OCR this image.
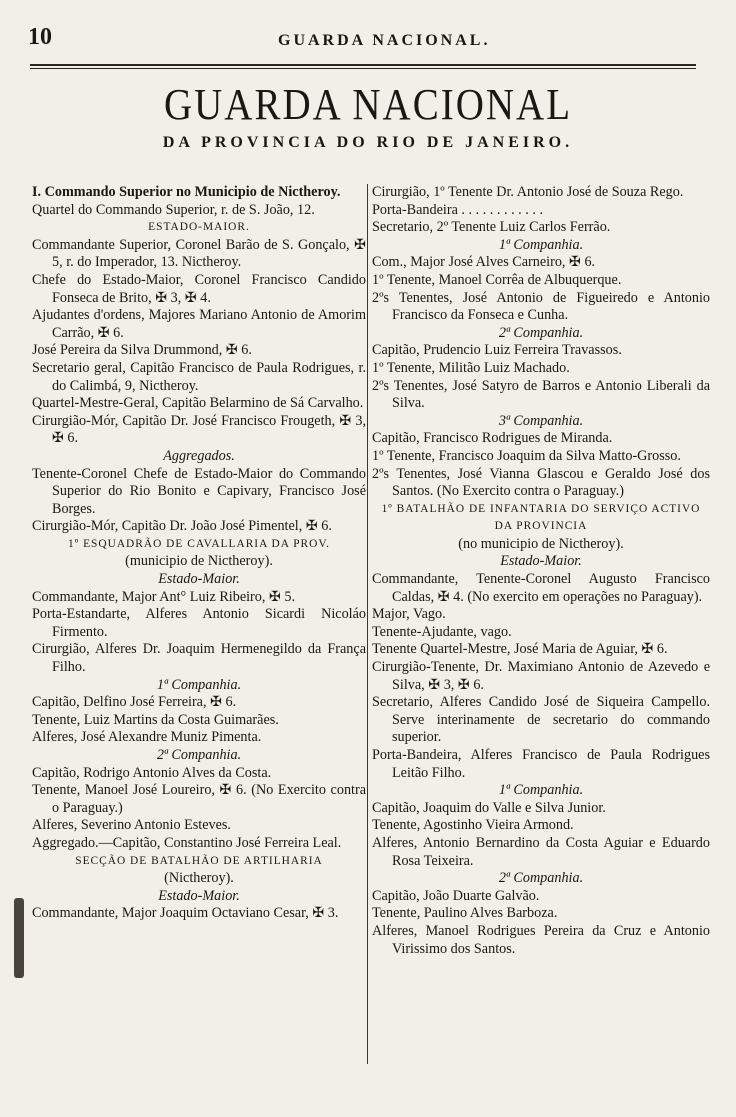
10	GUARDA NACIONAL.
GUARDA NACIONAL
DA PROVINCIA DO RIO DE JANEIRO.

I. Commando Superior no Municipio de Nictheroy.

Quartel do Commando Superior, r. de S. João, 12.

ESTADO-MAIOR.

Commandante Superior, Coronel Barão de S. Gonçalo, ✠ 5, r. do Imperador, 13. Nictheroy.

Chefe do Estado-Maior, Coronel Francisco Candido Fonseca de Brito, ✠ 3, ✠ 4.

Ajudantes d'ordens, Majores Mariano Antonio de Amorim Carrão, ✠ 6.

José Pereira da Silva Drummond, ✠ 6.

Secretario geral, Capitão Francisco de Paula Rodrigues, r. do Calimbá, 9, Nictheroy.

Quartel-Mestre-Geral, Capitão Belarmino de Sá Carvalho.

Cirurgião-Mór, Capitão Dr. José Francisco Frougeth, ✠ 3, ✠ 6.

Aggregados.

Tenente-Coronel Chefe de Estado-Maior do Commando Superior do Rio Bonito e Capivary, Francisco José Borges.

Cirurgião-Mór, Capitão Dr. João José Pimentel, ✠ 6.

1º ESQUADRÃO DE CAVALLARIA DA PROV.

(municipio de Nictheroy).

Estado-Maior.

Commandante, Major Ant° Luiz Ribeiro, ✠ 5.

Porta-Estandarte, Alferes Antonio Sicardi Nicoláo Firmento.

Cirurgião, Alferes Dr. Joaquim Hermenegildo da França Filho.

1ª Companhia.

Capitão, Delfino José Ferreira, ✠ 6.

Tenente, Luiz Martins da Costa Guimarães.

Alferes, José Alexandre Muniz Pimenta.

2ª Companhia.

Capitão, Rodrigo Antonio Alves da Costa.

Tenente, Manoel José Loureiro, ✠ 6. (No Exercito contra o Paraguay.)

Alferes, Severino Antonio Esteves.

Aggregado.—Capitão, Constantino José Ferreira Leal.

SECÇÃO DE BATALHÃO DE ARTILHARIA

(Nictheroy).

Estado-Maior.

Commandante, Major Joaquim Octaviano Cesar, ✠ 3.

Cirurgião, 1º Tenente Dr. Antonio José de Souza Rego.

Porta-Bandeira . . . . . . . . . . . .

Secretario, 2º Tenente Luiz Carlos Ferrão.

1ª Companhia.

Com., Major José Alves Carneiro, ✠ 6.

1º Tenente, Manoel Corrêa de Albuquerque.

2ºs Tenentes, José Antonio de Figueiredo e Antonio Francisco da Fonseca e Cunha.

2ª Companhia.

Capitão, Prudencio Luiz Ferreira Travassos.

1º Tenente, Militão Luiz Machado.

2ºs Tenentes, José Satyro de Barros e Antonio Liberali da Silva.

3ª Companhia.

Capitão, Francisco Rodrigues de Miranda.

1º Tenente, Francisco Joaquim da Silva Matto-Grosso.

2ºs Tenentes, José Vianna Glascou e Geraldo José dos Santos. (No Exercito contra o Paraguay.)

1º BATALHÃO DE INFANTARIA DO SERVIÇO ACTIVO DA PROVINCIA

(no municipio de Nictheroy).

Estado-Maior.

Commandante, Tenente-Coronel Augusto Francisco Caldas, ✠ 4. (No exercito em operações no Paraguay).

Major, Vago.

Tenente-Ajudante, vago.

Tenente Quartel-Mestre, José Maria de Aguiar, ✠ 6.

Cirurgião-Tenente, Dr. Maximiano Antonio de Azevedo e Silva, ✠ 3, ✠ 6.

Secretario, Alferes Candido José de Siqueira Campello. Serve interinamente de secretario do commando superior.

Porta-Bandeira, Alferes Francisco de Paula Rodrigues Leitão Filho.

1ª Companhia.

Capitão, Joaquim do Valle e Silva Junior.

Tenente, Agostinho Vieira Armond.

Alferes, Antonio Bernardino da Costa Aguiar e Eduardo Rosa Teixeira.

2ª Companhia.

Capitão, João Duarte Galvão.

Tenente, Paulino Alves Barboza.

Alferes, Manoel Rodrigues Pereira da Cruz e Antonio Virissimo dos Santos.
